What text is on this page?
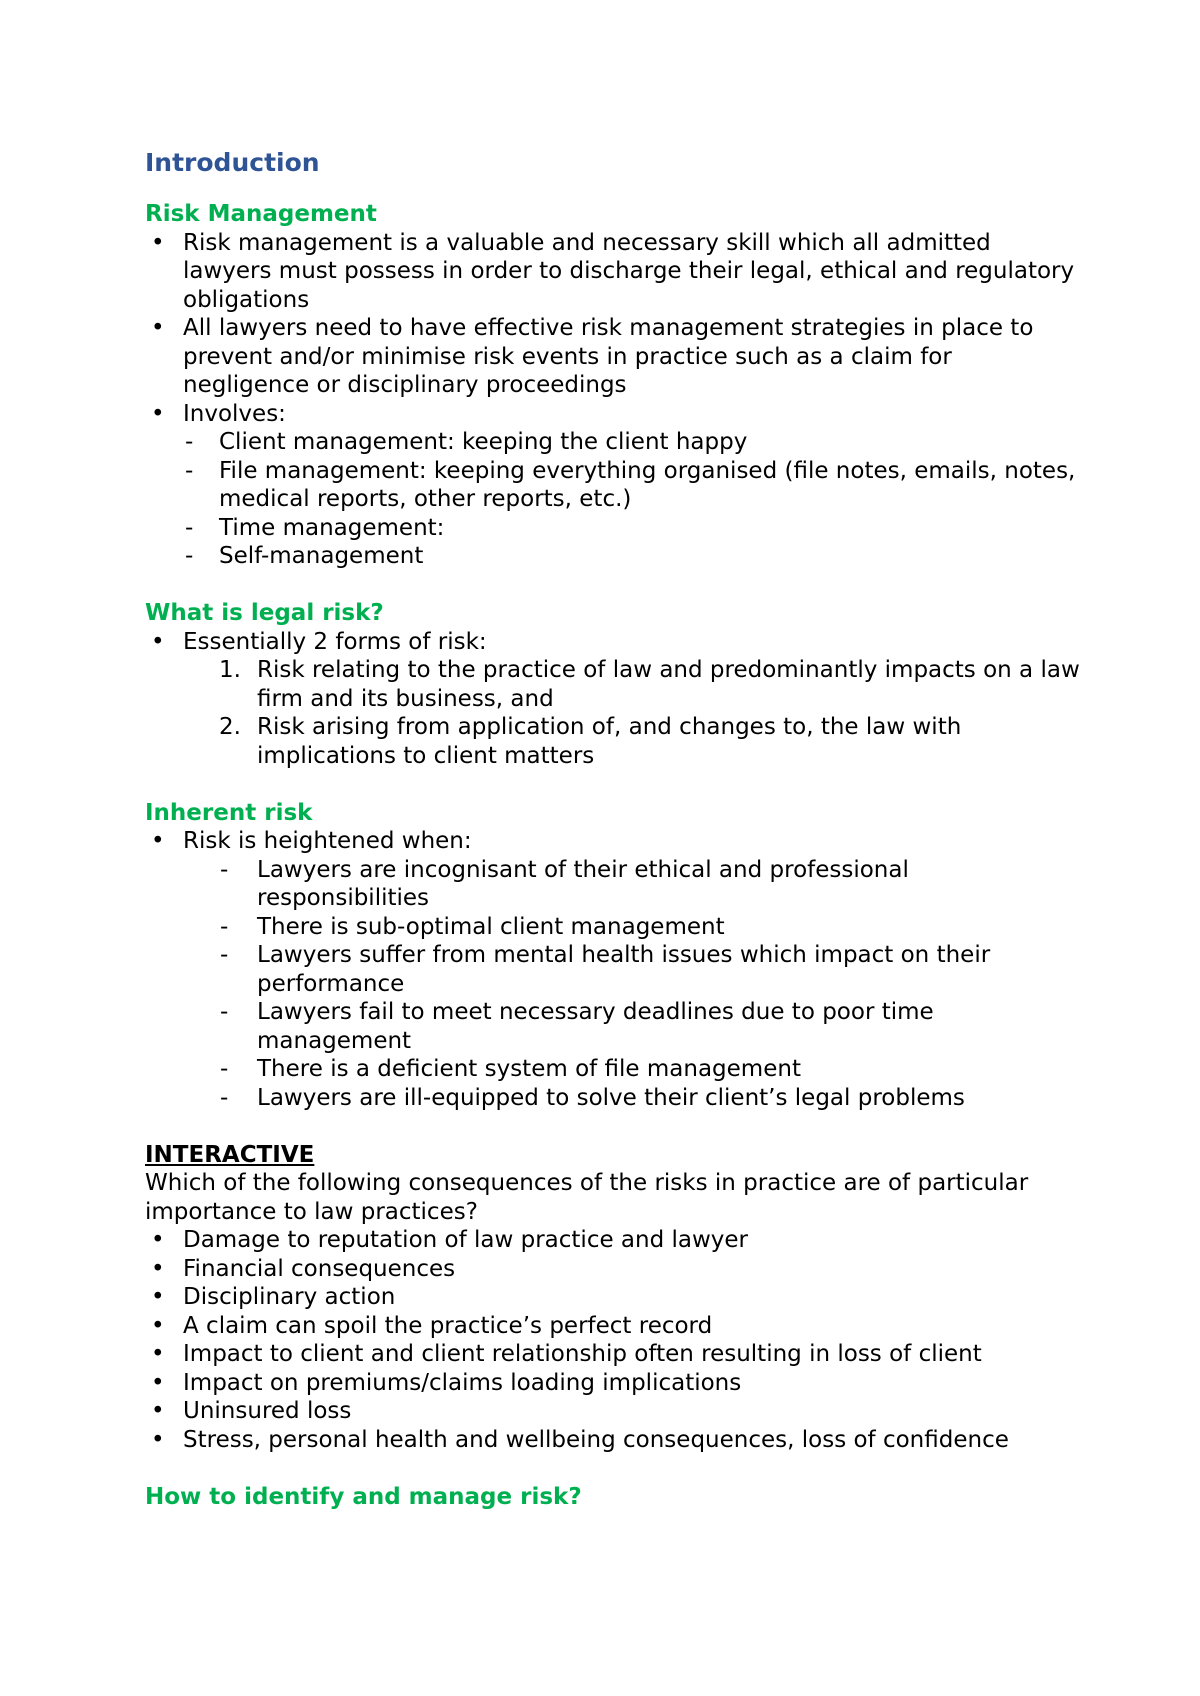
Introduction
Risk Management
• Risk management is a valuable and necessary skill which all admitted lawyers must possess in order to discharge their legal, ethical and regulatory obligations
• All lawyers need to have effective risk management strategies in place to prevent and/or minimise risk events in practice such as a claim for negligence or disciplinary proceedings
• Involves:
- Client management: keeping the client happy
- File management: keeping everything organised (file notes, emails, notes, medical reports, other reports, etc.)
- Time management:
- Self-management
What is legal risk?
• Essentially 2 forms of risk:
1. Risk relating to the practice of law and predominantly impacts on a law firm and its business, and
2. Risk arising from application of, and changes to, the law with implications to client matters
Inherent risk
• Risk is heightened when:
- Lawyers are incognisant of their ethical and professional responsibilities
- There is sub-optimal client management
- Lawyers suffer from mental health issues which impact on their performance
- Lawyers fail to meet necessary deadlines due to poor time management
- There is a deficient system of file management
- Lawyers are ill-equipped to solve their client’s legal problems
INTERACTIVE

Which of the following consequences of the risks in practice are of particular importance to law practices?

• Damage to reputation of law practice and lawyer
• Financial consequences
• Disciplinary action
• A claim can spoil the practice’s perfect record
• Impact to client and client relationship often resulting in loss of client
• Impact on premiums/claims loading implications
• Uninsured loss
• Stress, personal health and wellbeing consequences, loss of confidence
How to identify and manage risk?
